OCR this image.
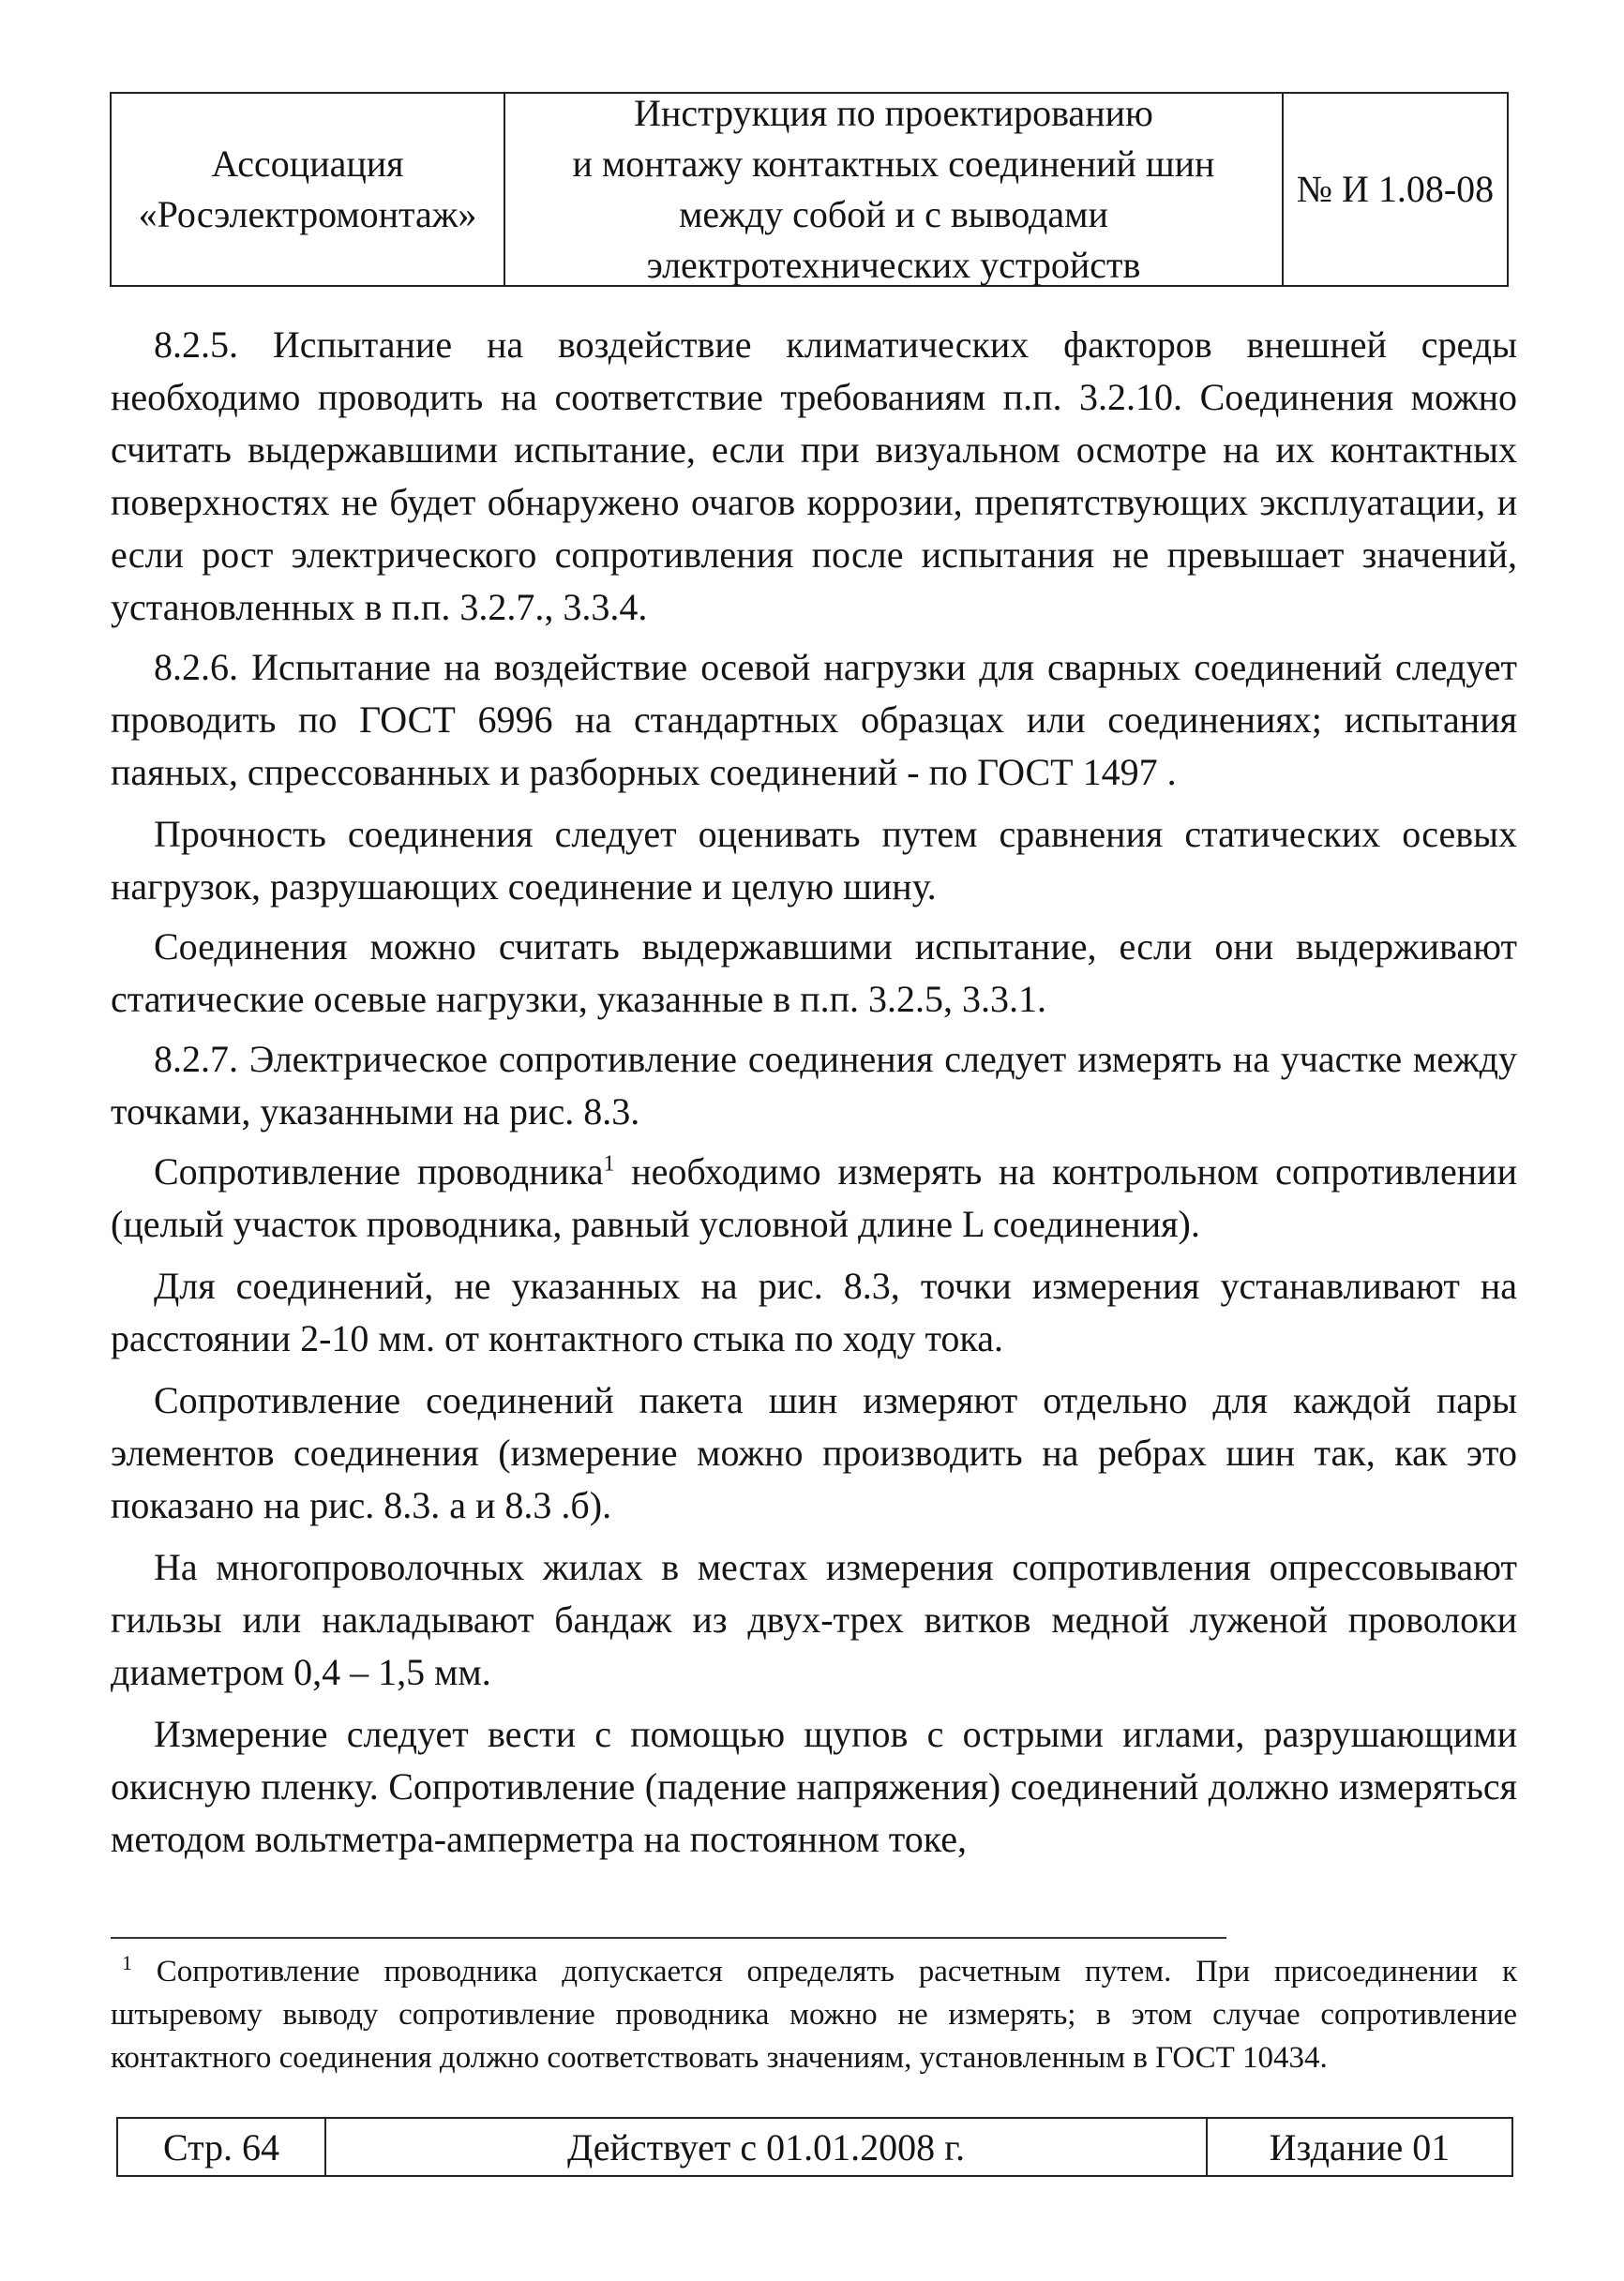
Ассоциация
«Росэлектромонтаж»
Инструкция по проектированию
и монтажу контактных соединений шин
между собой и с выводами
электротехнических устройств
№ И 1.08-08

8.2.5. Испытание на воздействие климатических факторов внешней среды необходимо проводить на соответствие требованиям п.п. 3.2.10. Соединения можно считать выдержавшими испытание, если при визуальном осмотре на их контактных поверхностях не будет обнаружено очагов коррозии, препятствующих эксплуатации, и если рост электрического сопротивления после испытания не превышает значений, установленных в п.п. 3.2.7., 3.3.4.

8.2.6. Испытание на воздействие осевой нагрузки для сварных соединений следует проводить по ГОСТ 6996 на стандартных образцах или соединениях; испытания паяных, спрессованных и разборных соединений - по ГОСТ 1497 .

Прочность соединения следует оценивать путем сравнения статических осевых нагрузок, разрушающих соединение и целую шину.

Соединения можно считать выдержавшими испытание, если они выдерживают статические осевые нагрузки, указанные в п.п. 3.2.5, 3.3.1.

8.2.7. Электрическое сопротивление соединения следует измерять на участке между точками, указанными на рис. 8.3.

Сопротивление проводника$^1$ необходимо измерять на контрольном сопротивлении (целый участок проводника, равный условной длине L соединения).

Для соединений, не указанных на рис. 8.3, точки измерения устанавливают на расстоянии 2-10 мм. от контактного стыка по ходу тока.

Сопротивление соединений пакета шин измеряют отдельно для каждой пары элементов соединения (измерение можно производить на ребрах шин так, как это показано на рис. 8.3. а и 8.3 .б).

На многопроволочных жилах в местах измерения сопротивления опрессовывают гильзы или накладывают бандаж из двух-трех витков медной луженой проволоки диаметром 0,4 – 1,5 мм.

Измерение следует вести с помощью щупов с острыми иглами, разрушающими окисную пленку. Сопротивление (падение напряжения) соединений должно измеряться методом вольтметра-амперметра на постоянном токе,

$^1$ Сопротивление проводника допускается определять расчетным путем. При присоединении к штыревому выводу сопротивление проводника можно не измерять; в этом случае сопротивление контактного соединения должно соответствовать значениям, установленным в ГОСТ 10434.

Стр. 64	Действует с 01.01.2008 г.	Издание 01
